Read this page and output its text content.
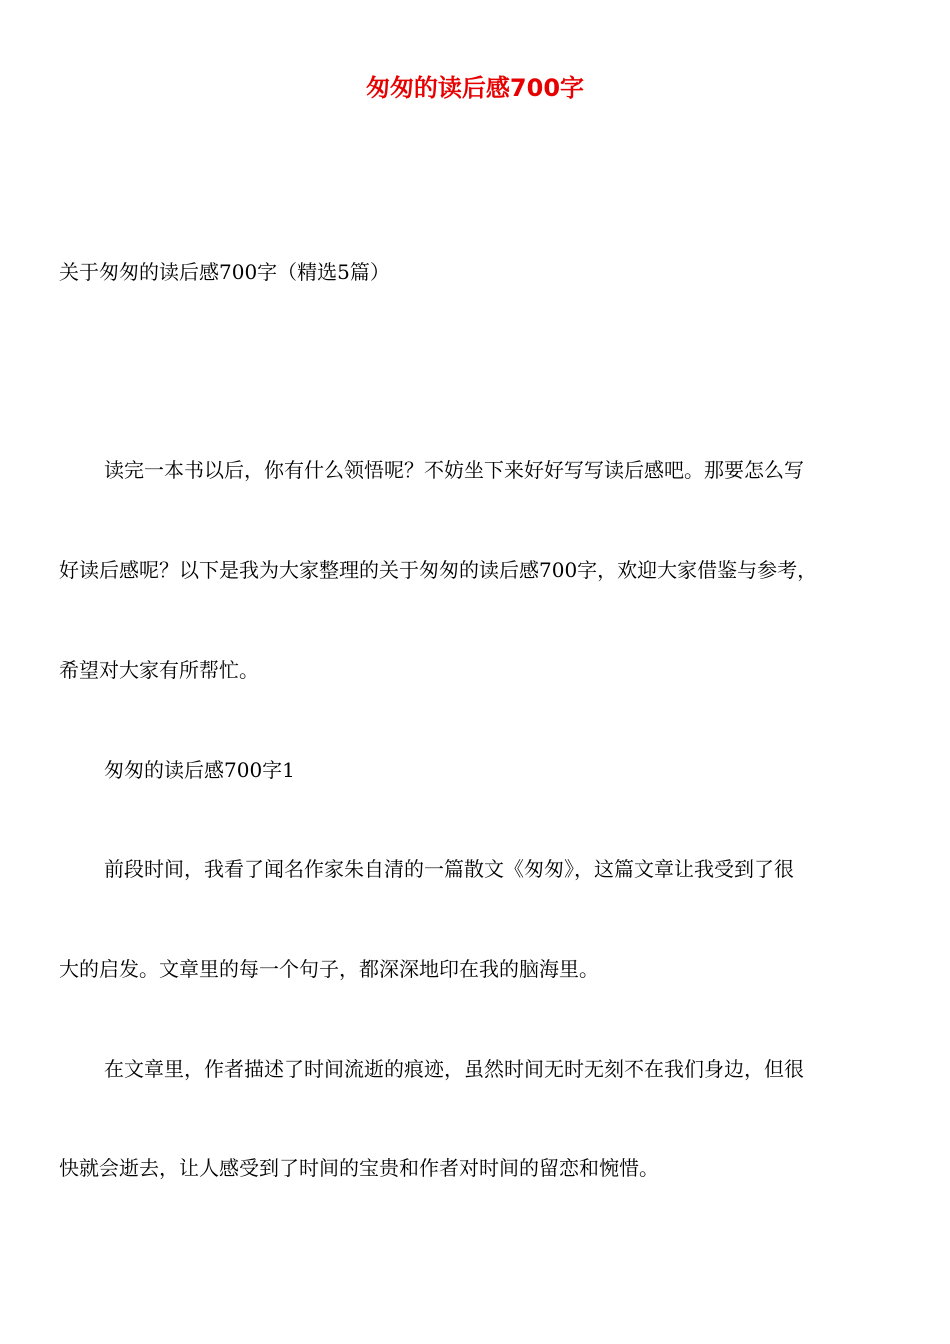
匆匆的读后感700字

关于匆匆的读后感700字（精选5篇）

读完一本书以后，你有什么领悟呢？不妨坐下来好好写写读后感吧。那要怎么写

好读后感呢？以下是我为大家整理的关于匆匆的读后感700字，欢迎大家借鉴与参考，

希望对大家有所帮忙。

匆匆的读后感700字1

前段时间，我看了闻名作家朱自清的一篇散文《匆匆》，这篇文章让我受到了很

大的启发。文章里的每一个句子，都深深地印在我的脑海里。

在文章里，作者描述了时间流逝的痕迹，虽然时间无时无刻不在我们身边，但很

快就会逝去，让人感受到了时间的宝贵和作者对时间的留恋和惋惜。
